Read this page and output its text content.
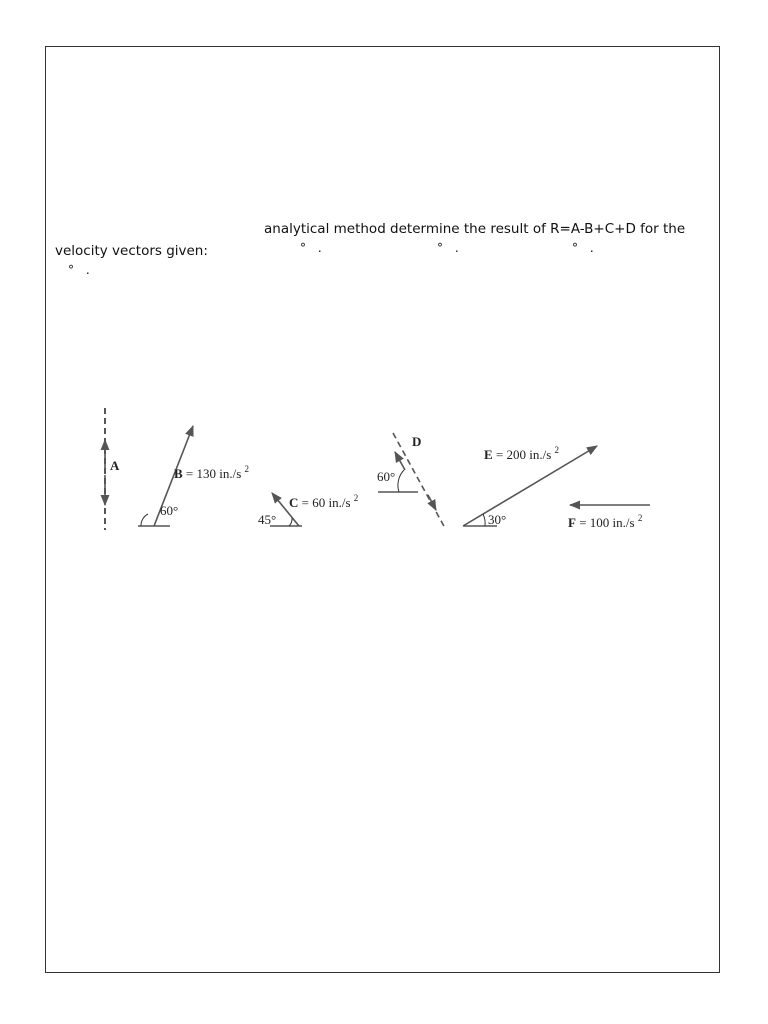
analytical method determine the result of R=A-B+C+D for the
velocity vectors given:	° .	° .	° .
° .
A
60°
B = 130 in./s $^2$
45°
C = 60 in./s $^2$
60°
D
30°
E = 200 in./s $^2$
F = 100 in./s $^2$
